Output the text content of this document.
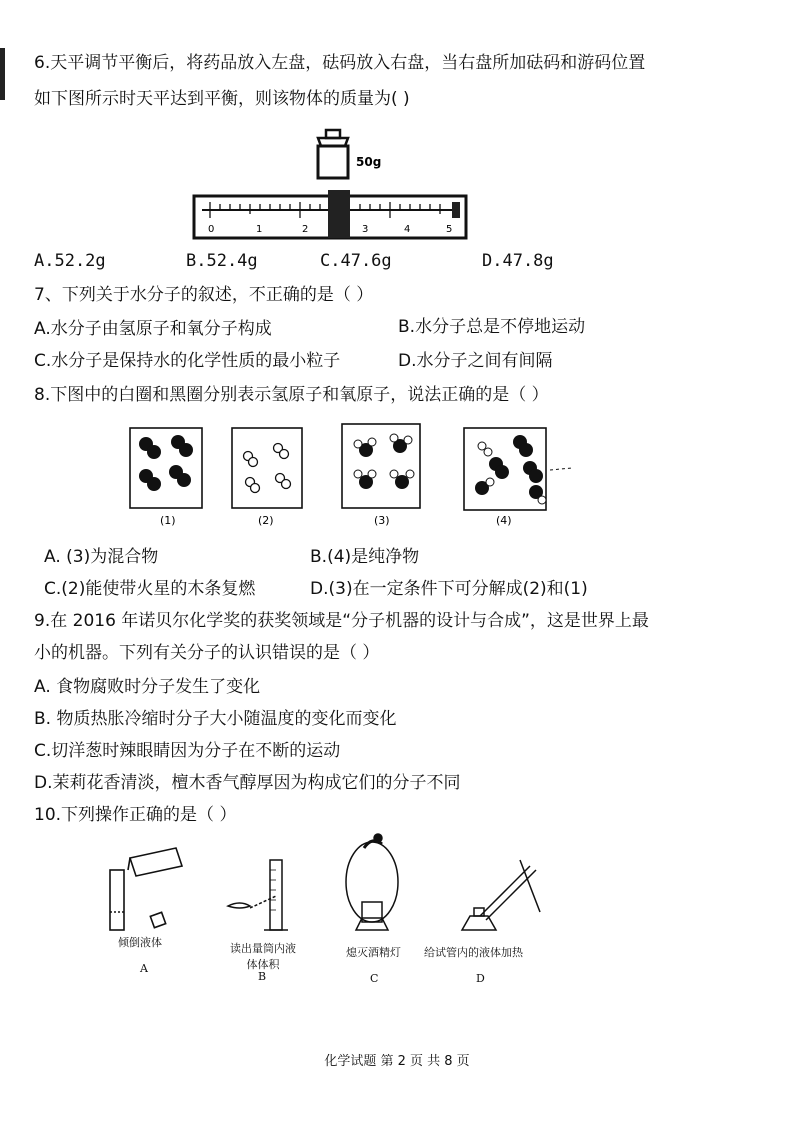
6.天平调节平衡后，将药品放入左盘，砝码放入右盘，当右盘所加砝码和游码位置
如下图所示时天平达到平衡，则该物体的质量为( )
50g
0	1	2	3	4	5
A.52.2g	B.52.4g	C.47.6g	D.47.8g
7、下列关于水分子的叙述，不正确的是（ ）
A.水分子由氢原子和氧分子构成	B.水分子总是不停地运动
C.水分子是保持水的化学性质的最小粒子	D.水分子之间有间隔
8.下图中的白圈和黑圈分别表示氢原子和氧原子，说法正确的是（ ）
(1)	(2)	(3)	(4)
A. (3)为混合物	B.(4)是纯净物
C.(2)能使带火星的木条复燃	D.(3)在一定条件下可分解成(2)和(1)
9.在 2016 年诺贝尔化学奖的获奖领域是“分子机器的设计与合成”，这是世界上最
小的机器。下列有关分子的认识错误的是（ ）
A. 食物腐败时分子发生了变化
B. 物质热胀冷缩时分子大小随温度的变化而变化
C.切洋葱时辣眼睛因为分子在不断的运动
D.茉莉花香清淡，檀木香气醇厚因为构成它们的分子不同
10.下列操作正确的是（ ）
倾倒液体	读出量筒内液体体积
熄灭酒精灯 给试管内的液体加热
A
B	C	D
化学试题 第 2 页 共 8 页
